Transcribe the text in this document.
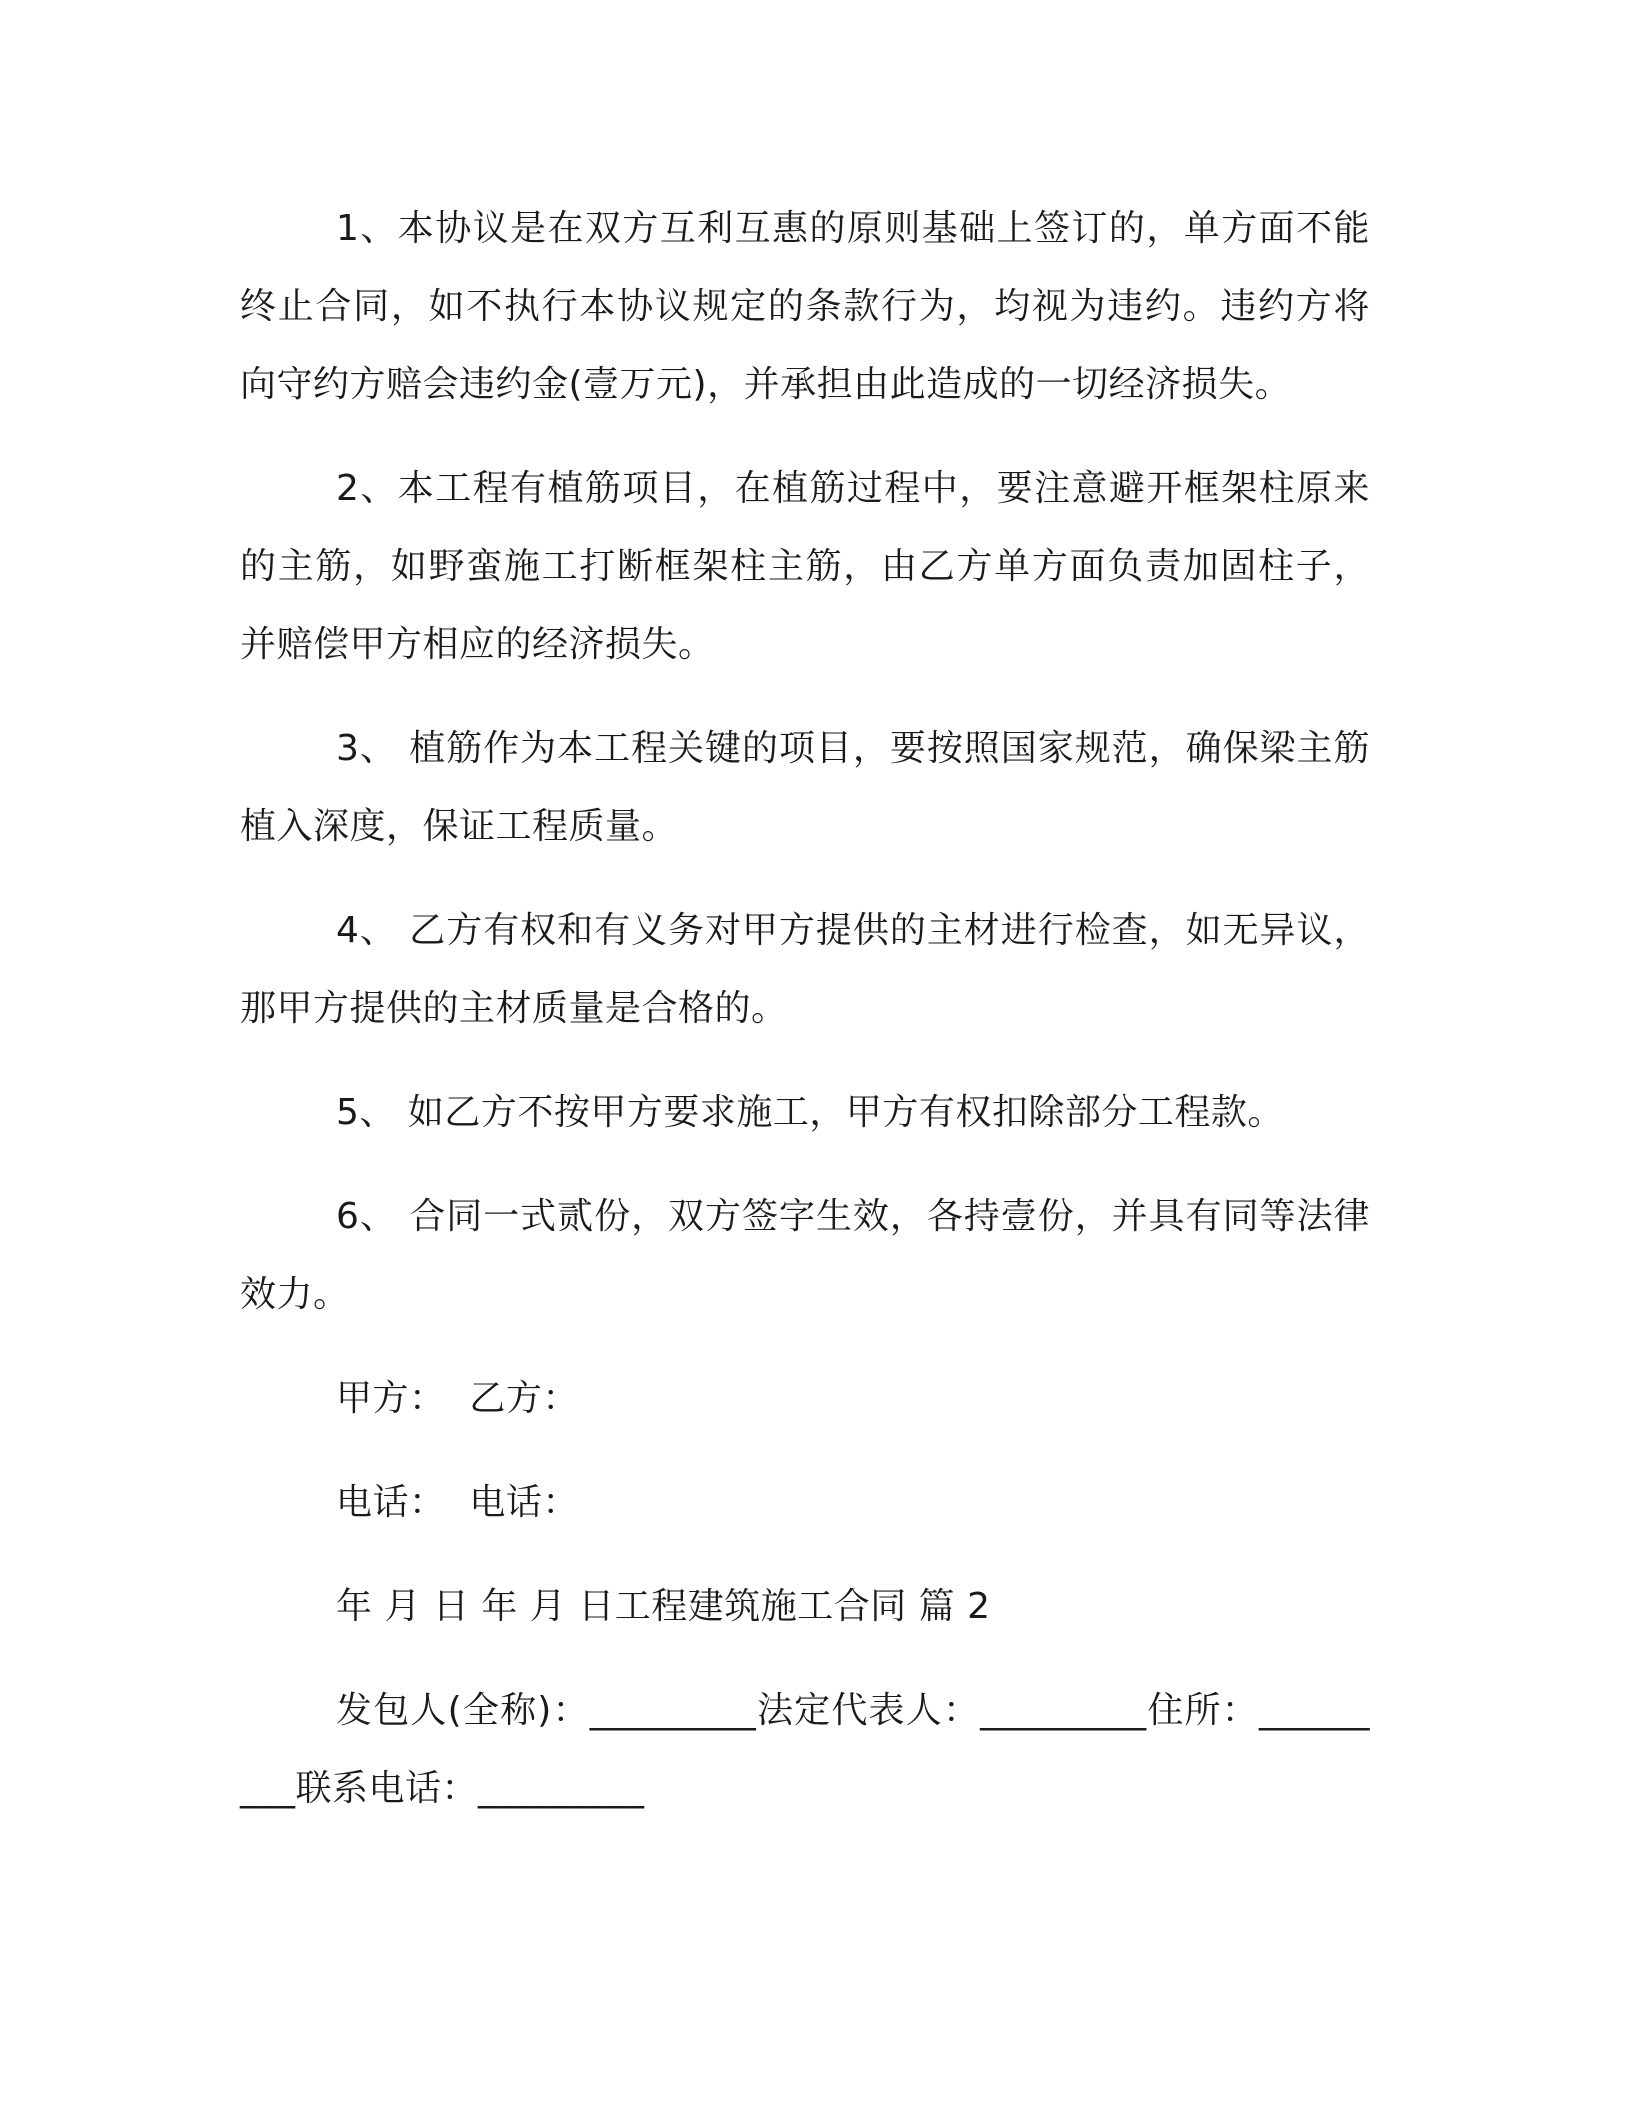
1、本协议是在双方互利互惠的原则基础上签订的，单方面不能终止合同，如不执行本协议规定的条款行为，均视为违约。违约方将向守约方赔会违约金(壹万元)，并承担由此造成的一切经济损失。

2、本工程有植筋项目，在植筋过程中，要注意避开框架柱原来的主筋，如野蛮施工打断框架柱主筋，由乙方单方面负责加固柱子，并赔偿甲方相应的经济损失。

3、 植筋作为本工程关键的项目，要按照国家规范，确保梁主筋植入深度，保证工程质量。

4、 乙方有权和有义务对甲方提供的主材进行检查，如无异议，那甲方提供的主材质量是合格的。

5、 如乙方不按甲方要求施工，甲方有权扣除部分工程款。

6、 合同一式贰份，双方签字生效，各持壹份，并具有同等法律效力。

甲方：  乙方：

电话：  电话：

年 月 日 年 月 日工程建筑施工合同 篇 2

发包人(全称)：_________法定代表人：_________住所：_________联系电话：_________
